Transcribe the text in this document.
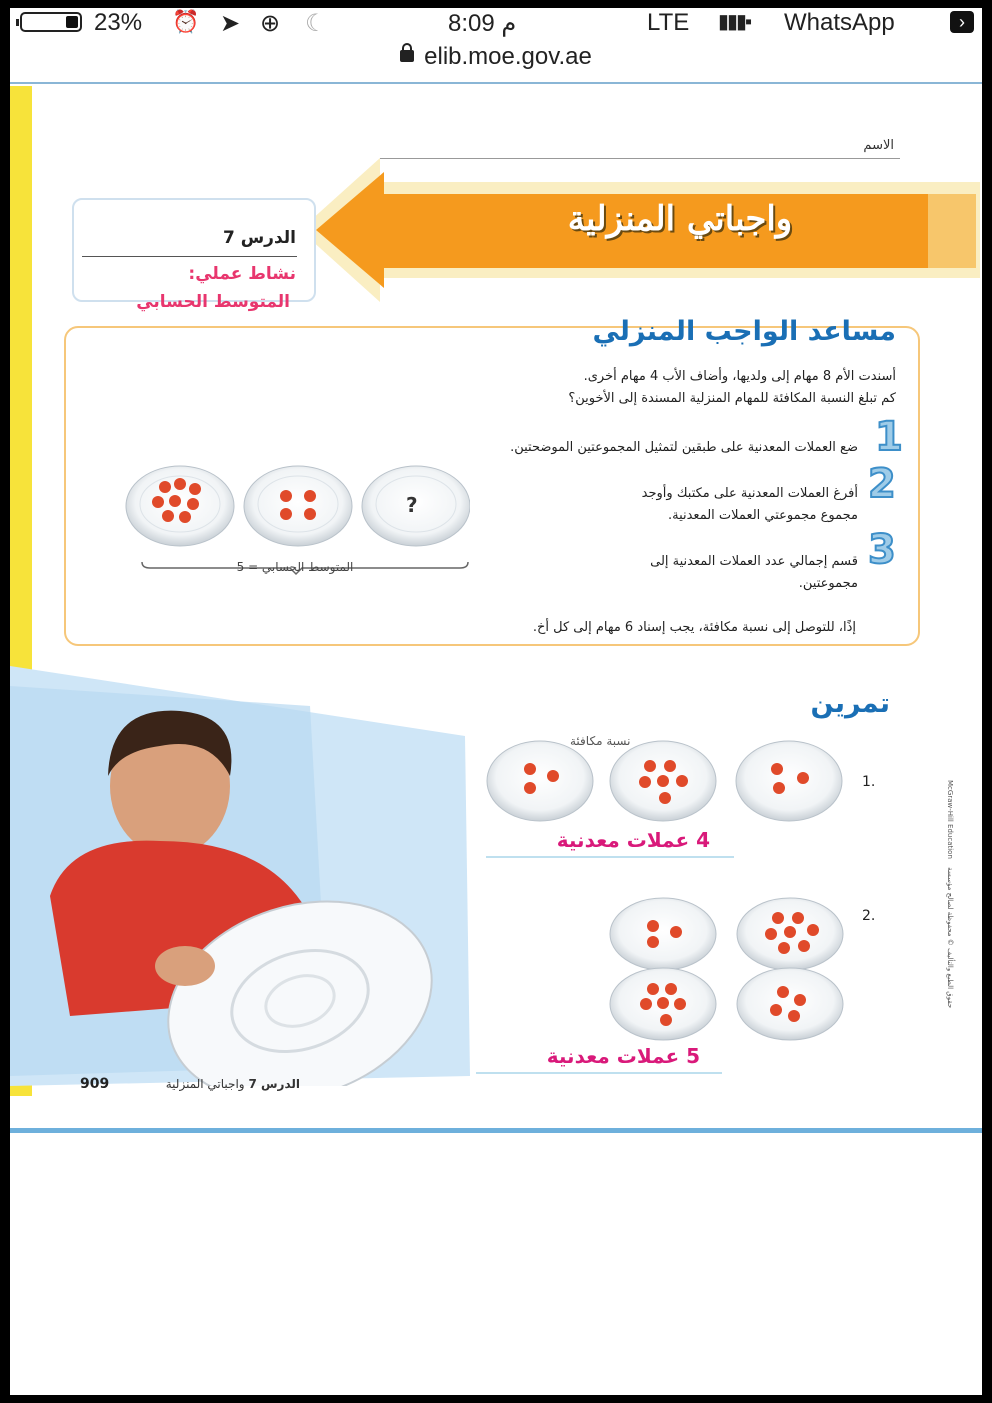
23% ⏰ ➤ ⊕ ☾	8:09 م	LTE ▮▮▮▪ WhatsApp	›
elib.moe.gov.ae
الاسم
واجباتي المنزلية
الدرس 7
نشاط عملي:
المتوسط الحسابي
مساعد الواجب المنزلي
أسندت الأم 8 مهام إلى ولديها، وأضاف الأب 4 مهام أخرى.
كم تبلغ النسبة المكافئة للمهام المنزلية المسندة إلى الأخوين؟
1
ضع العملات المعدنية على طبقين لتمثيل المجموعتين الموضحتين.
2
أفرغ العملات المعدنية على مكتبك وأوجد
مجموع مجموعتي العملات المعدنية.
3
قسم إجمالي عدد العملات المعدنية إلى
مجموعتين.
?
المتوسط الحسابي = 5
إذًا، للتوصل إلى نسبة مكافئة، يجب إسناد 6 مهام إلى كل أخ.
تمرين
نسبة مكافئة
1.
4 عملات معدنية
2.
5 عملات معدنية
McGraw-Hill Education حقوق الطبع والتأليف © محفوظة لصالح مؤسسة
909	الدرس 7 واجباتي المنزلية
